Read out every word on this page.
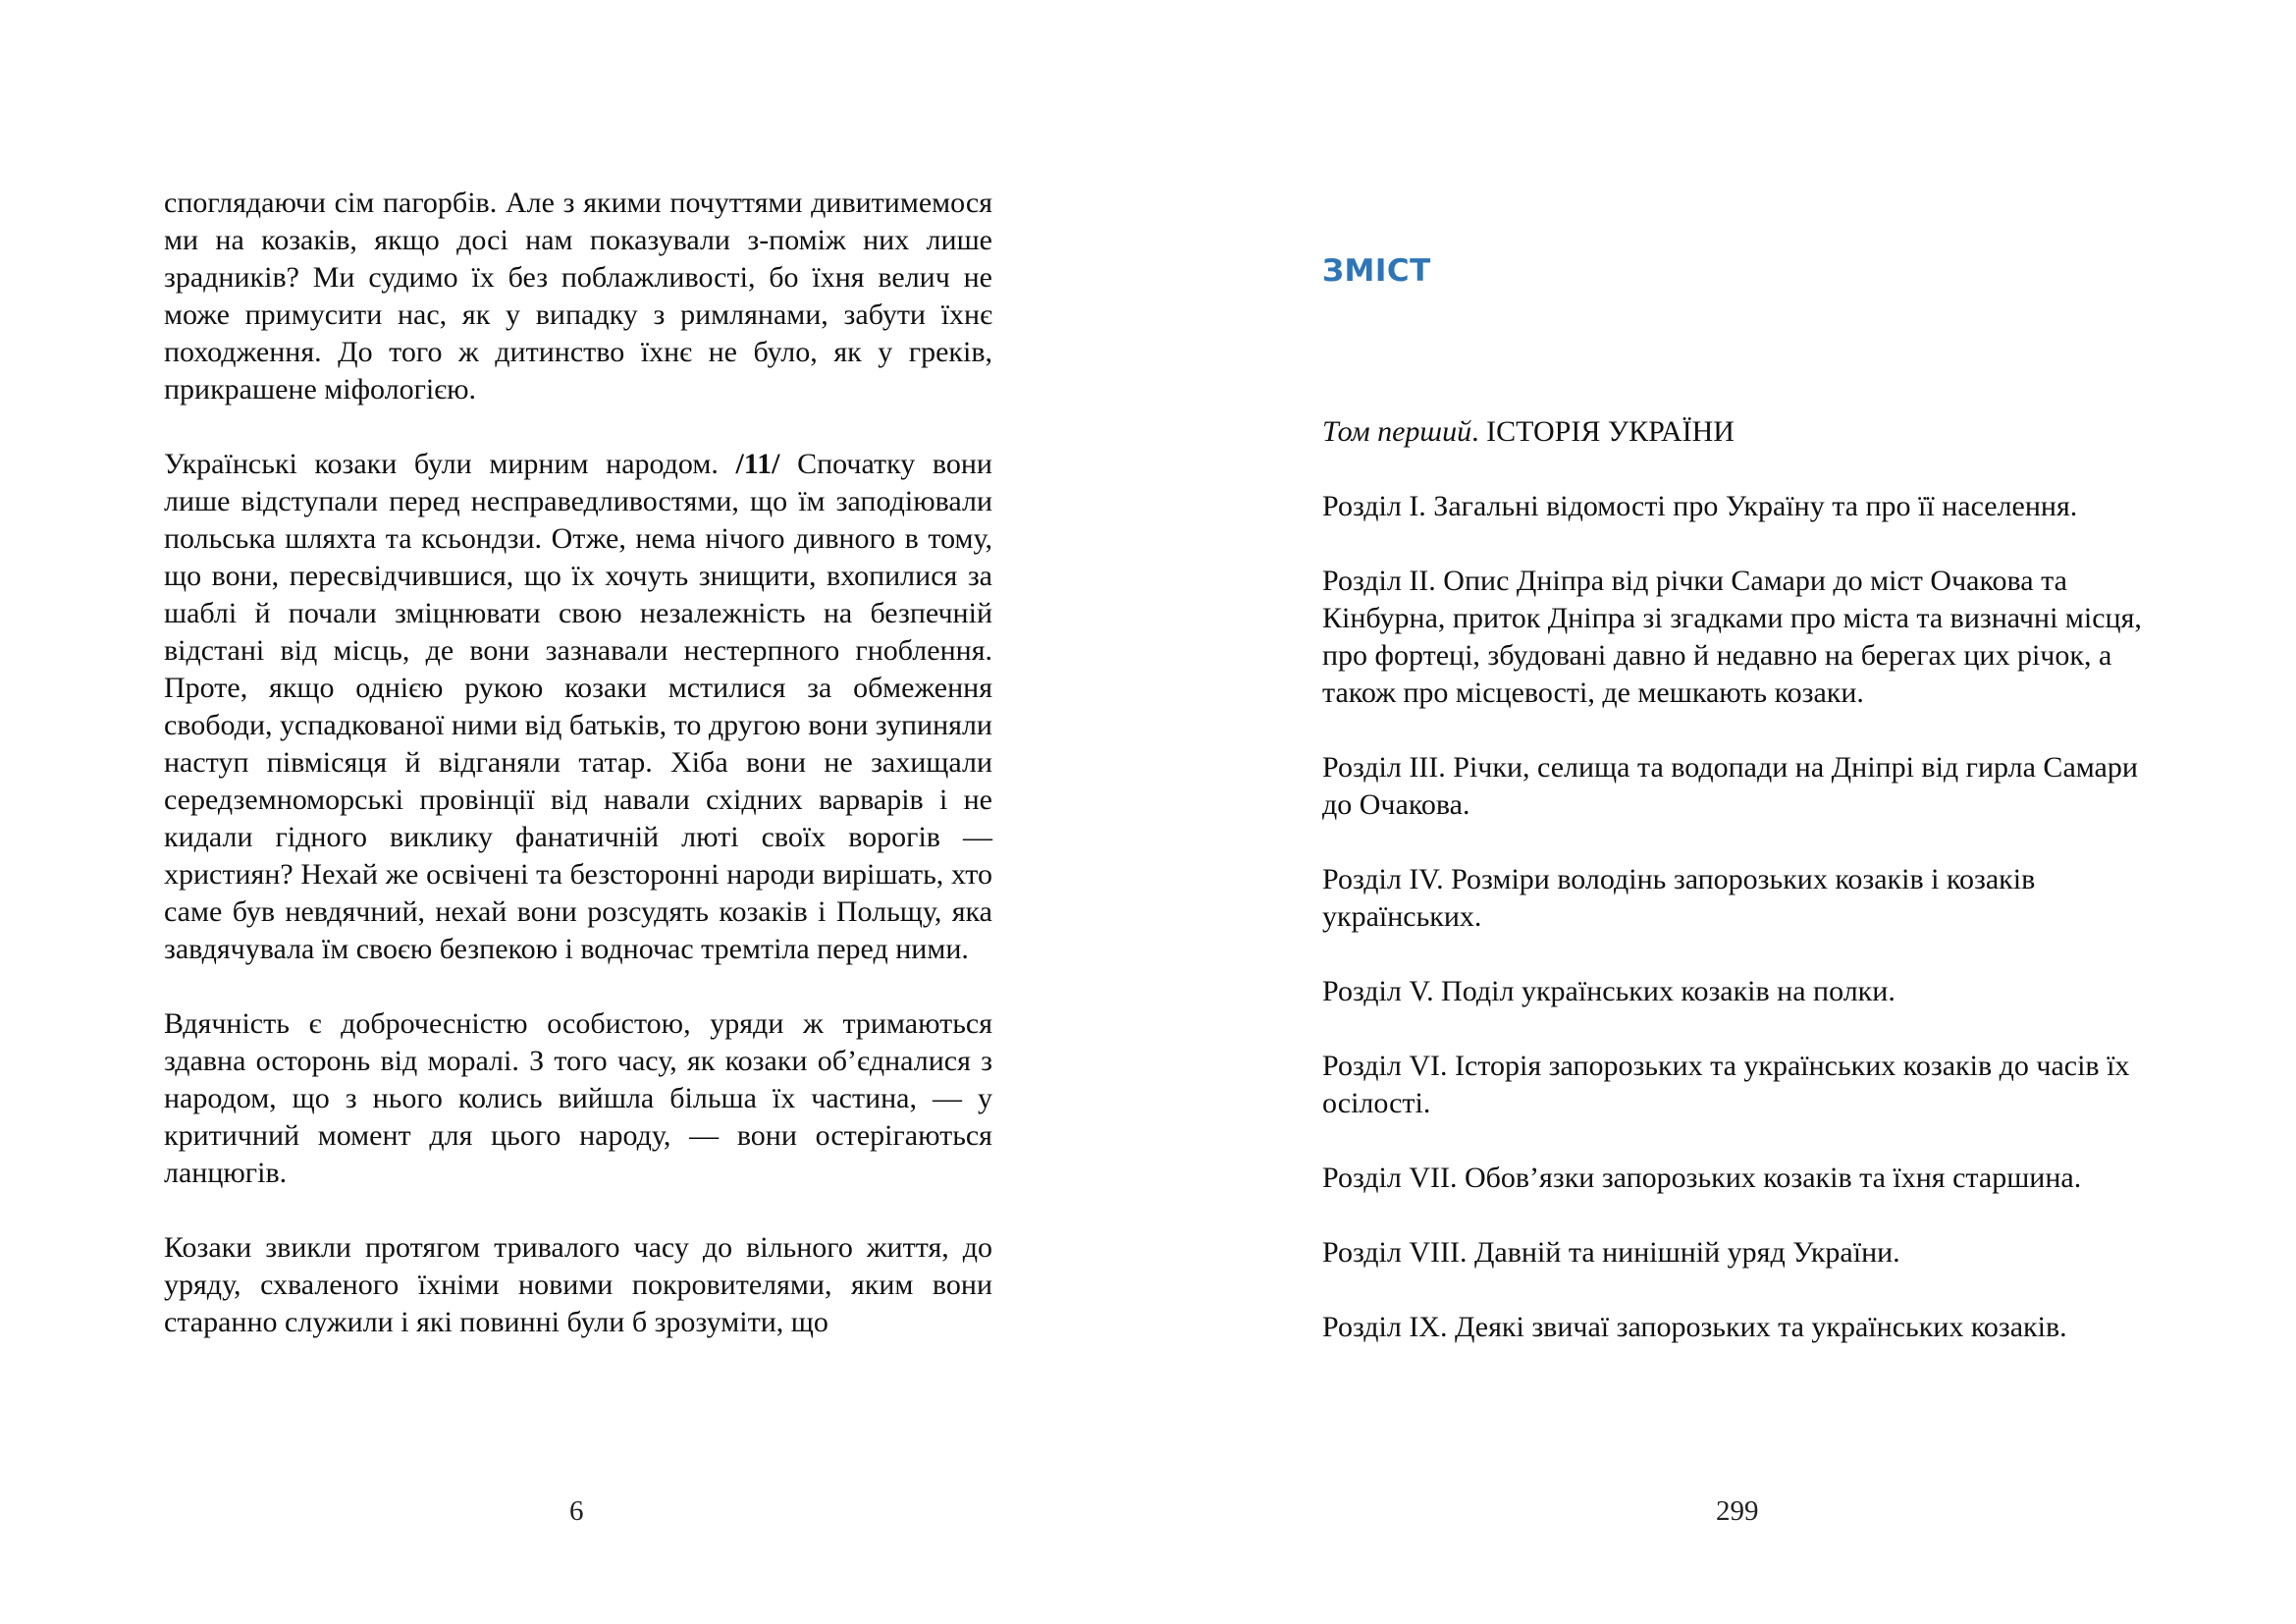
споглядаючи сім пагорбів. Але з якими почуттями дивитимемося ми на козаків, якщо досі нам показували з-поміж них лише зрадників? Ми судимо їх без поблажливості, бо їхня велич не може примусити нас, як у випадку з римлянами, забути їхнє походження. До того ж дитинство їхнє не було, як у греків, прикрашене міфологією.

Українські козаки були мирним народом. /11/ Спочатку вони лише відступали перед несправедливостями, що їм заподіювали польська шляхта та ксьондзи. Отже, нема нічого дивного в тому, що вони, пересвідчившися, що їх хочуть знищити, вхопилися за шаблі й почали зміцнювати свою незалежність на безпечній відстані від місць, де вони зазнавали нестерпного гноблення. Проте, якщо однією рукою козаки мстилися за обмеження свободи, успадкованої ними від батьків, то другою вони зупиняли наступ півмісяця й відганяли татар. Хіба вони не захищали середземноморські провінції від навали східних варварів і не кидали гідного виклику фанатичній люті своїх ворогів — християн? Нехай же освічені та безсторонні народи вирішать, хто саме був невдячний, нехай вони розсудять козаків і Польщу, яка завдячувала їм своєю безпекою і водночас тремтіла перед ними.

Вдячність є доброчесністю особистою, уряди ж тримаються здавна осторонь від моралі. З того часу, як козаки об’єдналися з народом, що з нього колись вийшла більша їх частина, — у критичний момент для цього народу, — вони остерігаються ланцюгів.

Козаки звикли протягом тривалого часу до вільного життя, до уряду, схваленого їхніми новими покровителями, яким вони старанно служили і які повинні були б зрозуміти, що

6
ЗМІСТ

Том перший. ІСТОРІЯ УКРАЇНИ

Розділ І. Загальні відомості про Україну та про її населення.

Розділ ІІ. Опис Дніпра від річки Самари до міст Очакова та Кінбурна, приток Дніпра зі згадками про міста та визначні місця, про фортеці, збудовані давно й недавно на берегах цих річок, а також про місцевості, де мешкають козаки.

Розділ ІІІ. Річки, селища та водопади на Дніпрі від гирла Самари до Очакова.

Розділ IV. Розміри володінь запорозьких козаків і козаків українських.

Розділ V. Поділ українських козаків на полки.

Розділ VI. Історія запорозьких та українських козаків до часів їх осілості.

Розділ VІI. Обов’язки запорозьких козаків та їхня старшина.

Розділ VІII. Давній та нинішній уряд України.

Розділ ІX. Деякі звичаї запорозьких та українських козаків.

299
